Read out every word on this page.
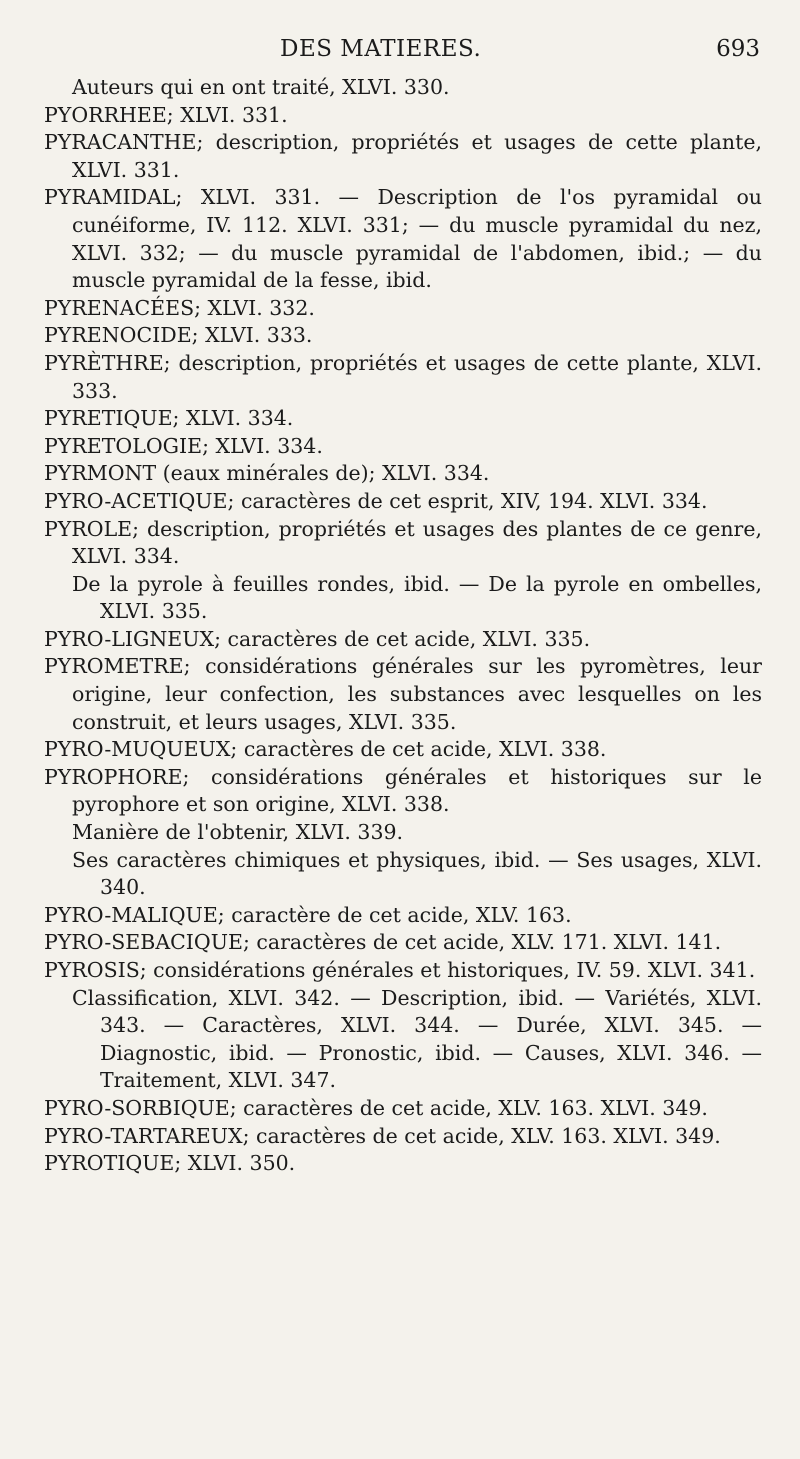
DES MATIERES.	693
Auteurs qui en ont traité, XLVI. 330.
PYORRHEE; XLVI. 331.
PYRACANTHE; description, propriétés et usages de cette plante, XLVI. 331.
PYRAMIDAL; XLVI. 331. — Description de l'os pyramidal ou cunéiforme, IV. 112. XLVI. 331; — du muscle pyramidal du nez, XLVI. 332; — du muscle pyramidal de l'abdomen, ibid.; — du muscle pyramidal de la fesse, ibid.
PYRENACÉES; XLVI. 332.
PYRENOCIDE; XLVI. 333.
PYRÈTHRE; description, propriétés et usages de cette plante, XLVI. 333.
PYRETIQUE; XLVI. 334.
PYRETOLOGIE; XLVI. 334.
PYRMONT (eaux minérales de); XLVI. 334.
PYRO-ACETIQUE; caractères de cet esprit, XIV, 194. XLVI. 334.
PYROLE; description, propriétés et usages des plantes de ce genre, XLVI. 334.
De la pyrole à feuilles rondes, ibid. — De la pyrole en ombelles, XLVI. 335.
PYRO-LIGNEUX; caractères de cet acide, XLVI. 335.
PYROMETRE; considérations générales sur les pyromètres, leur origine, leur confection, les substances avec lesquelles on les construit, et leurs usages, XLVI. 335.
PYRO-MUQUEUX; caractères de cet acide, XLVI. 338.
PYROPHORE; considérations générales et historiques sur le pyrophore et son origine, XLVI. 338.
Manière de l'obtenir, XLVI. 339.
Ses caractères chimiques et physiques, ibid. — Ses usages, XLVI. 340.
PYRO-MALIQUE; caractère de cet acide, XLV. 163.
PYRO-SEBACIQUE; caractères de cet acide, XLV. 171. XLVI. 141.
PYROSIS; considérations générales et historiques, IV. 59. XLVI. 341.
Classification, XLVI. 342. — Description, ibid. — Variétés, XLVI. 343. — Caractères, XLVI. 344. — Durée, XLVI. 345. — Diagnostic, ibid. — Pronostic, ibid. — Causes, XLVI. 346. — Traitement, XLVI. 347.
PYRO-SORBIQUE; caractères de cet acide, XLV. 163. XLVI. 349.
PYRO-TARTAREUX; caractères de cet acide, XLV. 163. XLVI. 349.
PYROTIQUE; XLVI. 350.
